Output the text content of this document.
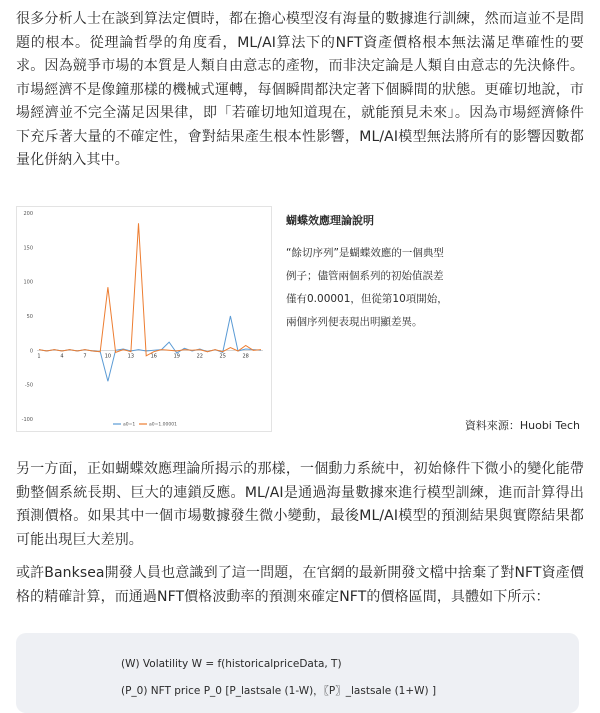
很多分析人士在談到算法定價時，都在擔心模型沒有海量的數據進行訓練，然而這並不是問題的根本。從理論哲學的角度看，ML/AI算法下的NFT資產價格根本無法滿足準確性的要求。因為競爭市場的本質是人類自由意志的產物，而非決定論是人類自由意志的先決條件。市場經濟不是像鐘那樣的機械式運轉，每個瞬間都決定著下個瞬間的狀態。更確切地說，市場經濟並不完全滿足因果律，即「若確切地知道現在，就能預見未來」。因為市場經濟條件下充斥著大量的不確定性，會對結果產生根本性影響，ML/AI模型無法將所有的影響因數都量化併納入其中。

200
150
100
50
0
-50
-100
1	4	7	10	13	16	19	22	25	28
a0=1	a0=1.00001
蝴蝶效應理論說明
“餘切序列”是蝴蝶效應的一個典型
例子；儘管兩個系列的初始值誤差
僅有0.00001，但從第10項開始，
兩個序列便表現出明顯差異。
資料來源：Huobi Tech

另一方面，正如蝴蝶效應理論所揭示的那樣，一個動力系統中，初始條件下微小的變化能帶動整個系統長期、巨大的連鎖反應。ML/AI是通過海量數據來進行模型訓練，進而計算得出預測價格。如果其中一個市場數據發生微小變動，最後ML/AI模型的預測結果與實際結果都可能出現巨大差別。

或許Banksea開發人員也意識到了這一問題，在官網的最新開發文檔中捨棄了對NFT資產價格的精確計算，而通過NFT價格波動率的預測來確定NFT的價格區間，具體如下所示：

(W) Volatility W = f(historicalpriceData, T)
(P_0) NFT price P_0 [P_lastsale (1-W)，〖P〗_lastsale (1+W) ]
